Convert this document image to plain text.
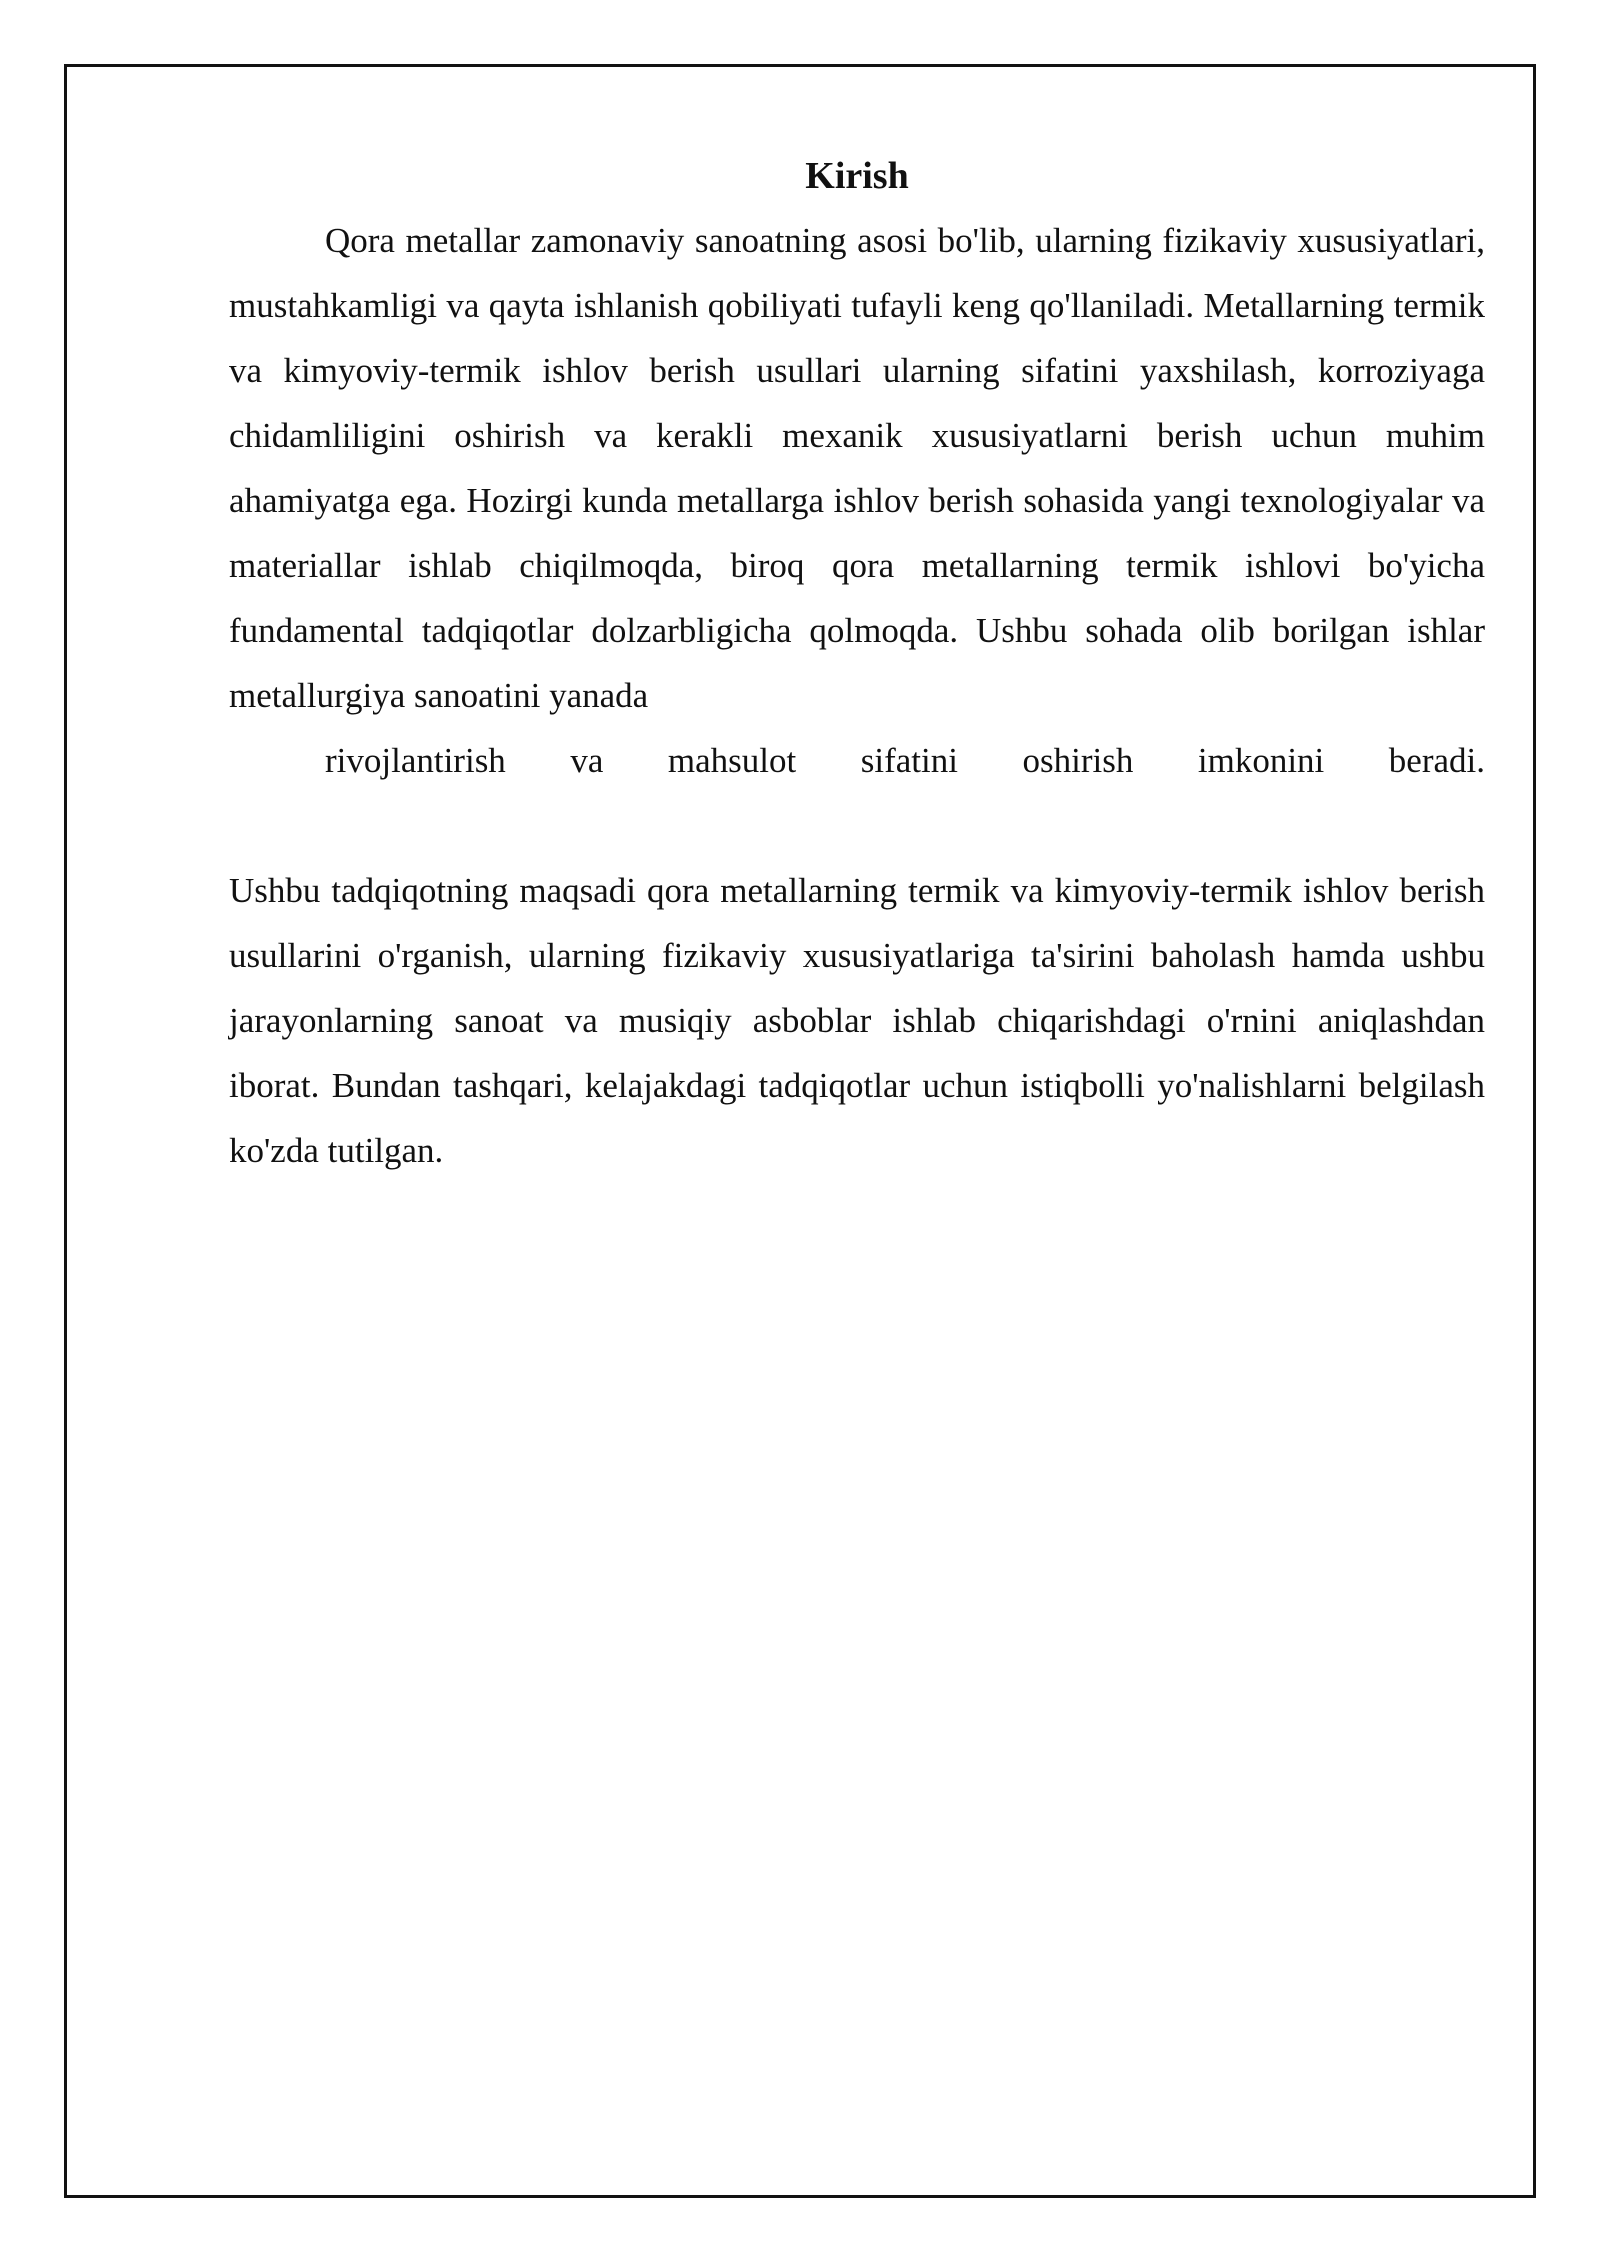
Kirish

Qora metallar zamonaviy sanoatning asosi bo'lib, ularning fizikaviy xususiyatlari, mustahkamligi va qayta ishlanish qobiliyati tufayli keng qo'llaniladi. Metallarning termik va kimyoviy-termik ishlov berish usullari ularning sifatini yaxshilash, korroziyaga chidamliligini oshirish va kerakli mexanik xususiyatlarni berish uchun muhim ahamiyatga ega. Hozirgi kunda metallarga ishlov berish sohasida yangi texnologiyalar va materiallar ishlab chiqilmoqda, biroq qora metallarning termik ishlovi bo'yicha fundamental tadqiqotlar dolzarbligicha qolmoqda. Ushbu sohada olib borilgan ishlar metallurgiya sanoatini yanada
rivojlantirish va mahsulot sifatini oshirish imkonini beradi.

Ushbu tadqiqotning maqsadi qora metallarning termik va kimyoviy-termik ishlov berish usullarini o'rganish, ularning fizikaviy xususiyatlariga ta'sirini baholash hamda ushbu jarayonlarning sanoat va musiqiy asboblar ishlab chiqarishdagi o'rnini aniqlashdan iborat. Bundan tashqari, kelajakdagi tadqiqotlar uchun istiqbolli yo'nalishlarni belgilash ko'zda tutilgan.
